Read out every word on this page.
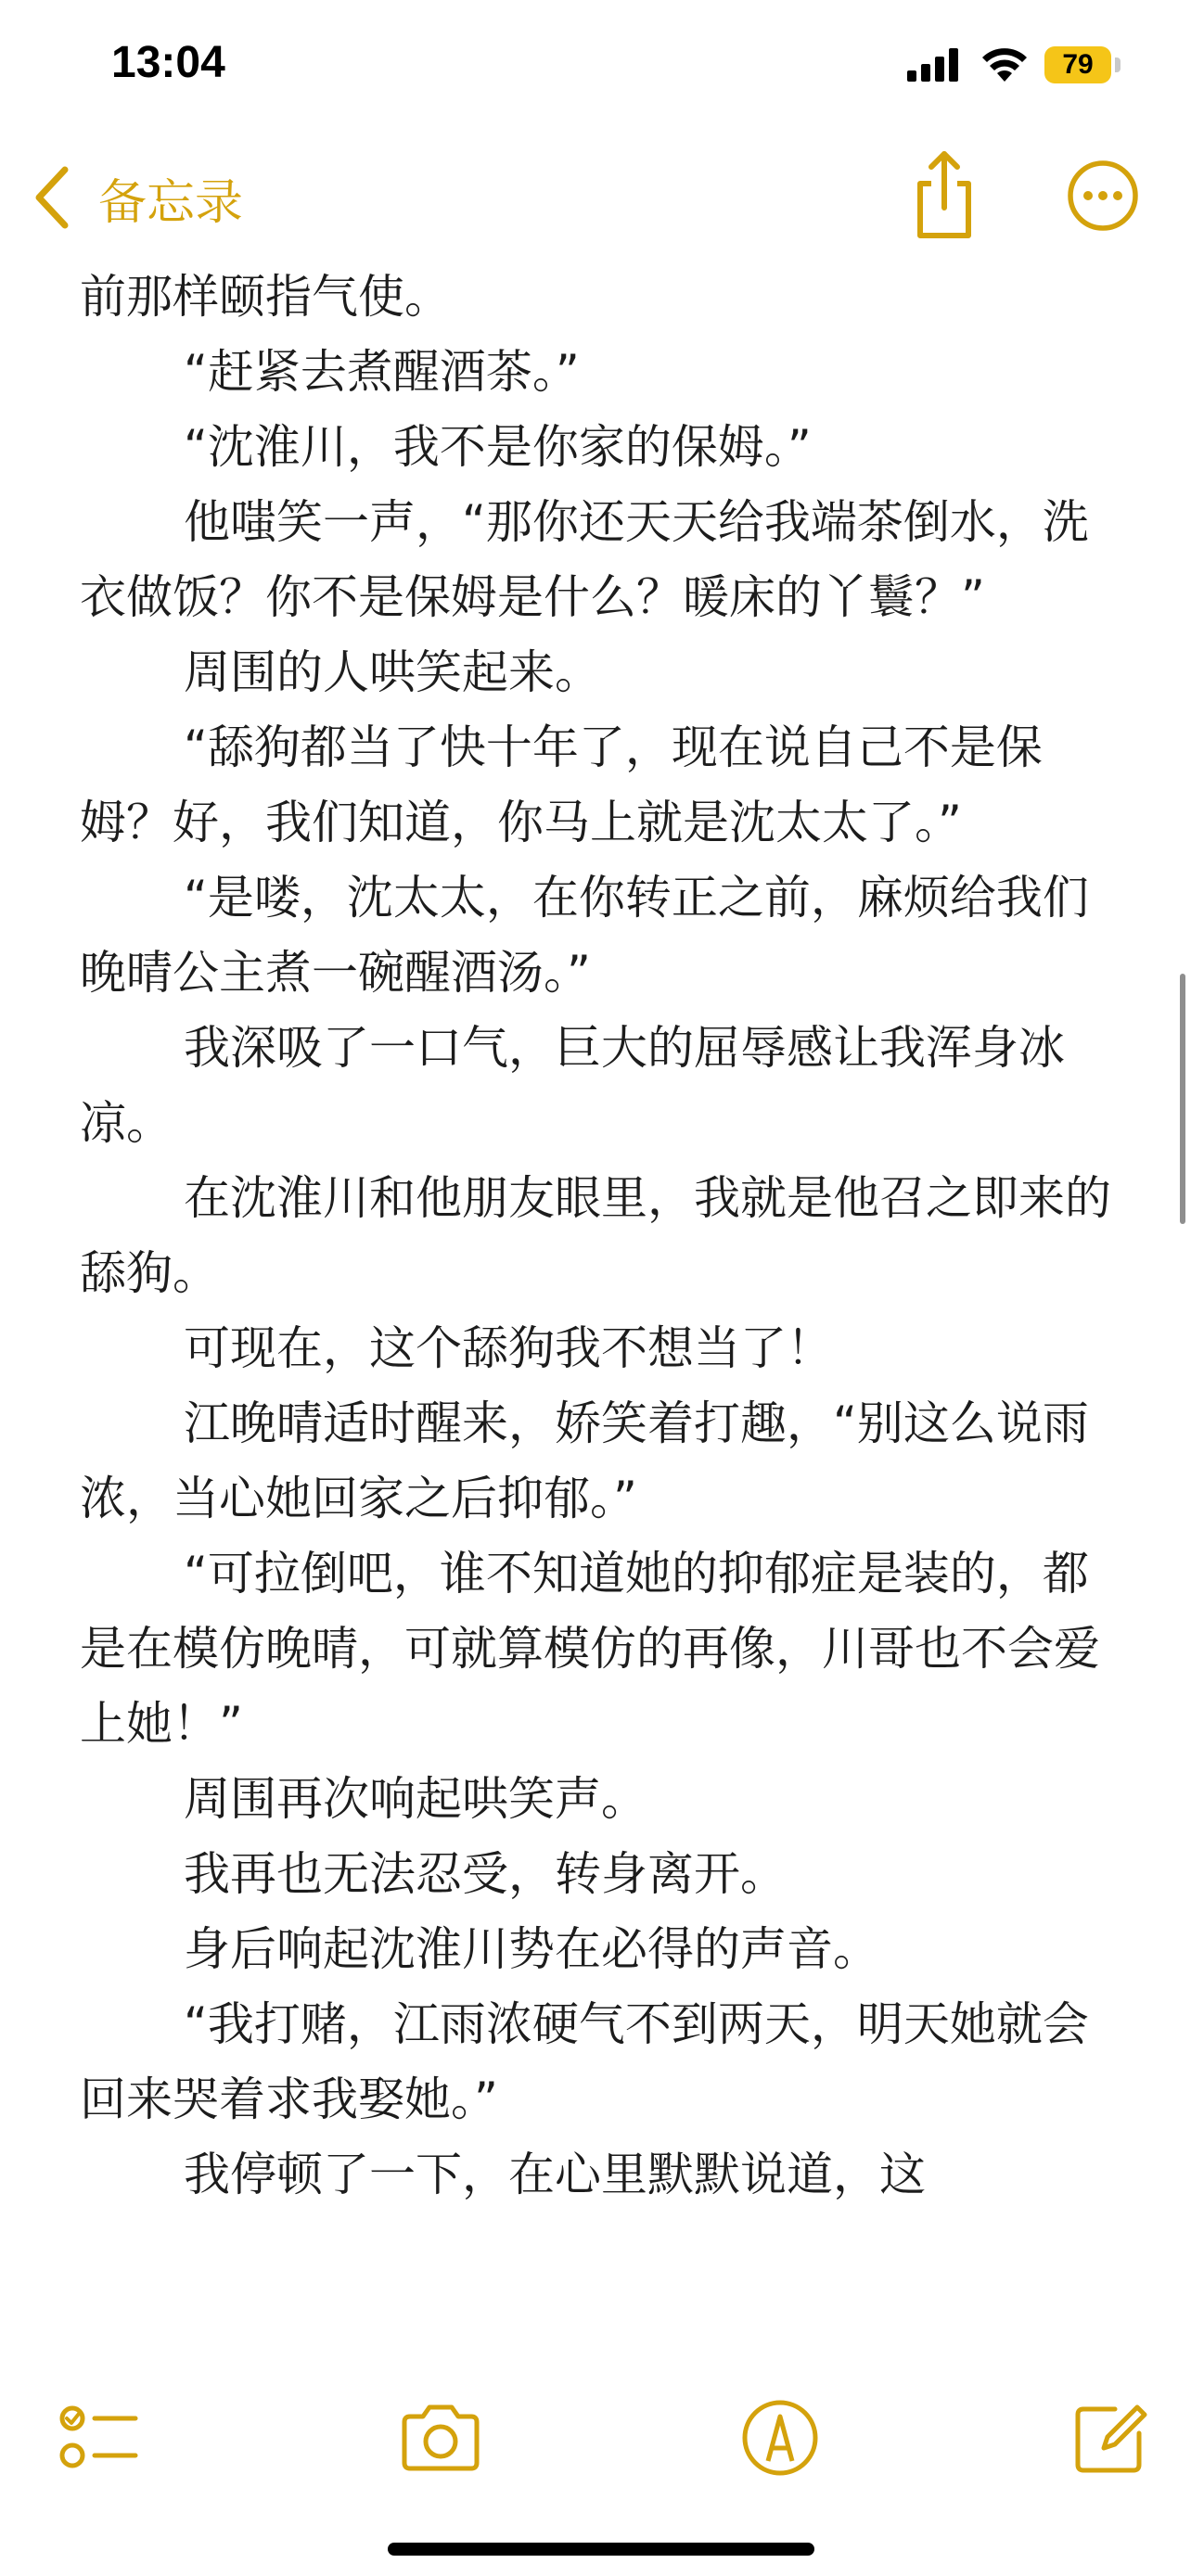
13:04	79
备忘录

前那样颐指气使。

“赶紧去煮醒酒茶。”

“沈淮川，我不是你家的保姆。”

他嗤笑一声，“那你还天天给我端茶倒水，洗衣做饭？你不是保姆是什么？暖床的丫鬟？”

周围的人哄笑起来。

“舔狗都当了快十年了，现在说自己不是保姆？好，我们知道，你马上就是沈太太了。”

“是喽，沈太太，在你转正之前，麻烦给我们晚晴公主煮一碗醒酒汤。”

我深吸了一口气，巨大的屈辱感让我浑身冰凉。

在沈淮川和他朋友眼里，我就是他召之即来的舔狗。

可现在，这个舔狗我不想当了！

江晚晴适时醒来，娇笑着打趣，“别这么说雨浓，当心她回家之后抑郁。”

“可拉倒吧，谁不知道她的抑郁症是装的，都是在模仿晚晴，可就算模仿的再像，川哥也不会爱上她！”

周围再次响起哄笑声。

我再也无法忍受，转身离开。

身后响起沈淮川势在必得的声音。

“我打赌，江雨浓硬气不到两天，明天她就会回来哭着求我娶她。”

我停顿了一下，在心里默默说道，这
